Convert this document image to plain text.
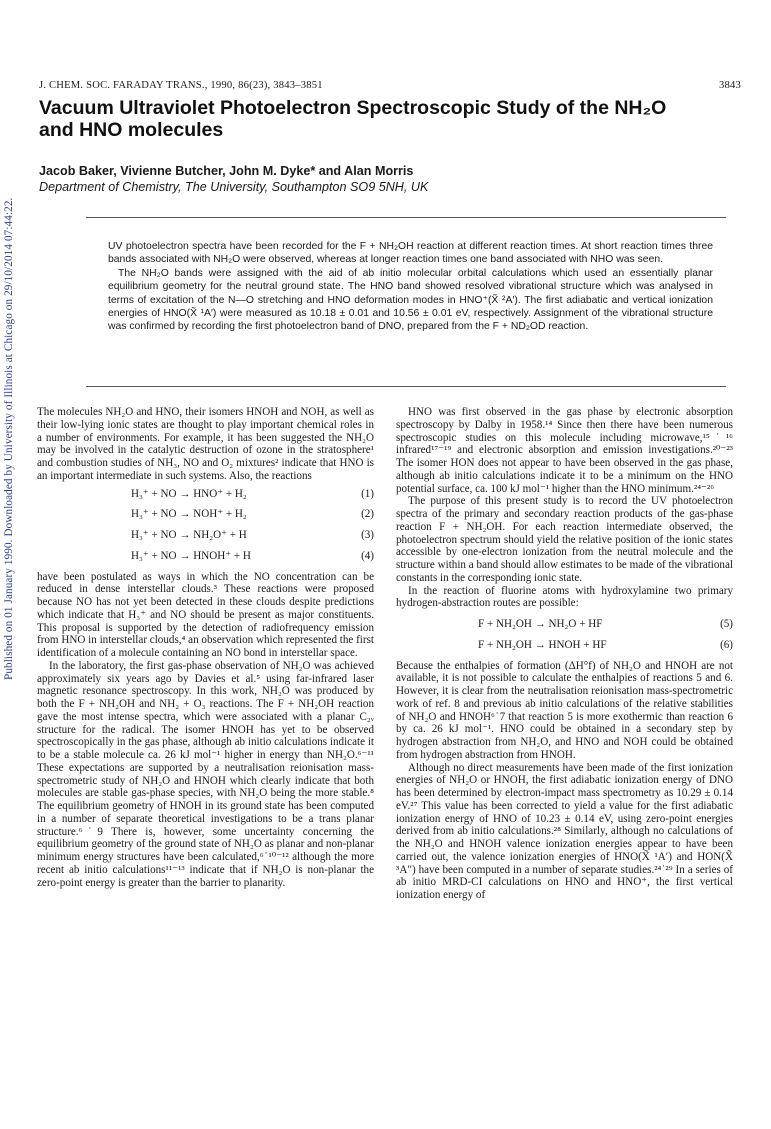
Published on 01 January 1990. Downloaded by University of Illinois at Chicago on 29/10/2014 07:44:22.
J. CHEM. SOC. FARADAY TRANS., 1990, 86(23), 3843–3851	3843
Vacuum Ultraviolet Photoelectron Spectroscopic Study of the NH₂O
and HNO molecules
Jacob Baker, Vivienne Butcher, John M. Dyke* and Alan Morris
Department of Chemistry, The University, Southampton SO9 5NH, UK

UV photoelectron spectra have been recorded for the F + NH₂OH reaction at different reaction times. At short reaction times three bands associated with NH₂O were observed, whereas at longer reaction times one band associated with NHO was seen.

The NH₂O bands were assigned with the aid of ab initio molecular orbital calculations which used an essentially planar equilibrium geometry for the neutral ground state. The HNO band showed resolved vibrational structure which was analysed in terms of excitation of the N—O stretching and HNO deformation modes in HNO⁺(X̃ ²A′). The first adiabatic and vertical ionization energies of HNO(X̃ ¹A′) were measured as 10.18 ± 0.01 and 10.56 ± 0.01 eV, respectively. Assignment of the vibrational structure was confirmed by recording the first photoelectron band of DNO, prepared from the F + ND₂OD reaction.

The molecules NH₂O and HNO, their isomers HNOH and NOH, as well as their low-lying ionic states are thought to play important chemical roles in a number of environments. For example, it has been suggested the NH₂O may be involved in the catalytic destruction of ozone in the stratosphere¹ and combustion studies of NH₃, NO and O₂ mixtures² indicate that HNO is an important intermediate in such systems. Also, the reactions

H₃⁺ + NO → HNO⁺ + H₂	(1)
H₃⁺ + NO → NOH⁺ + H₂	(2)
H₃⁺ + NO → NH₂O⁺ + H	(3)
H₃⁺ + NO → HNOH⁺ + H	(4)

have been postulated as ways in which the NO concentration can be reduced in dense interstellar clouds.³ These reactions were proposed because NO has not yet been detected in these clouds despite predictions which indicate that H₃⁺ and NO should be present as major constituents. This proposal is supported by the detection of radiofrequency emission from HNO in interstellar clouds,⁴ an observation which represented the first identification of a molecule containing an NO bond in interstellar space.

In the laboratory, the first gas-phase observation of NH₂O was achieved approximately six years ago by Davies et al.⁵ using far-infrared laser magnetic resonance spectroscopy. In this work, NH₂O was produced by both the F + NH₂OH and NH₂ + O₃ reactions. The F + NH₂OH reaction gave the most intense spectra, which were associated with a planar C₂ᵥ structure for the radical. The isomer HNOH has yet to be observed spectroscopically in the gas phase, although ab initio calculations indicate it to be a stable molecule ca. 26 kJ mol⁻¹ higher in energy than NH₂O.⁶⁻¹¹ These expectations are supported by a neutralisation reionisation mass-spectrometric study of NH₂O and HNOH which clearly indicate that both molecules are stable gas-phase species, with NH₂O being the more stable.⁸ The equilibrium geometry of HNOH in its ground state has been computed in a number of separate theoretical investigations to be a trans planar structure.⁶˙9 There is, however, some uncertainty concerning the equilibrium geometry of the ground state of NH₂O as planar and non-planar minimum energy structures have been calculated,⁶˙¹⁰⁻¹² although the more recent ab initio calculations¹¹⁻¹³ indicate that if NH₂O is non-planar the zero-point energy is greater than the barrier to planarity.

HNO was first observed in the gas phase by electronic absorption spectroscopy by Dalby in 1958.¹⁴ Since then there have been numerous spectroscopic studies on this molecule including microwave,¹⁵˙¹⁶ infrared¹⁷⁻¹⁹ and electronic absorption and emission investigations.²⁰⁻²³ The isomer HON does not appear to have been observed in the gas phase, although ab initio calculations indicate it to be a minimum on the HNO potential surface, ca. 100 kJ mol⁻¹ higher than the HNO minimum.²⁴⁻²⁶

The purpose of this present study is to record the UV photoelectron spectra of the primary and secondary reaction products of the gas-phase reaction F + NH₂OH. For each reaction intermediate observed, the photoelectron spectrum should yield the relative position of the ionic states accessible by one-electron ionization from the neutral molecule and the structure within a band should allow estimates to be made of the vibrational constants in the corresponding ionic state.

In the reaction of fluorine atoms with hydroxylamine two primary hydrogen-abstraction routes are possible:

F + NH₂OH → NH₂O + HF	(5)
F + NH₂OH → HNOH + HF	(6)

Because the enthalpies of formation (ΔH°f) of NH₂O and HNOH are not available, it is not possible to calculate the enthalpies of reactions 5 and 6. However, it is clear from the neutralisation reionisation mass-spectrometric work of ref. 8 and previous ab initio calculations of the relative stabilities of NH₂O and HNOH⁶˙7 that reaction 5 is more exothermic than reaction 6 by ca. 26 kJ mol⁻¹. HNO could be obtained in a secondary step by hydrogen abstraction from NH₂O, and HNO and NOH could be obtained from hydrogen abstraction from HNOH.

Although no direct measurements have been made of the first ionization energies of NH₂O or HNOH, the first adiabatic ionization energy of DNO has been determined by electron-impact mass spectrometry as 10.29 ± 0.14 eV.²⁷ This value has been corrected to yield a value for the first adiabatic ionization energy of HNO of 10.23 ± 0.14 eV, using zero-point energies derived from ab initio calculations.²⁸ Similarly, although no calculations of the NH₂O and HNOH valence ionization energies appear to have been carried out, the valence ionization energies of HNO(X̃ ¹A′) and HON(X̃ ³A″) have been computed in a number of separate studies.²⁴˙²⁹ In a series of ab initio MRD-CI calculations on HNO and HNO⁺, the first vertical ionization energy of
